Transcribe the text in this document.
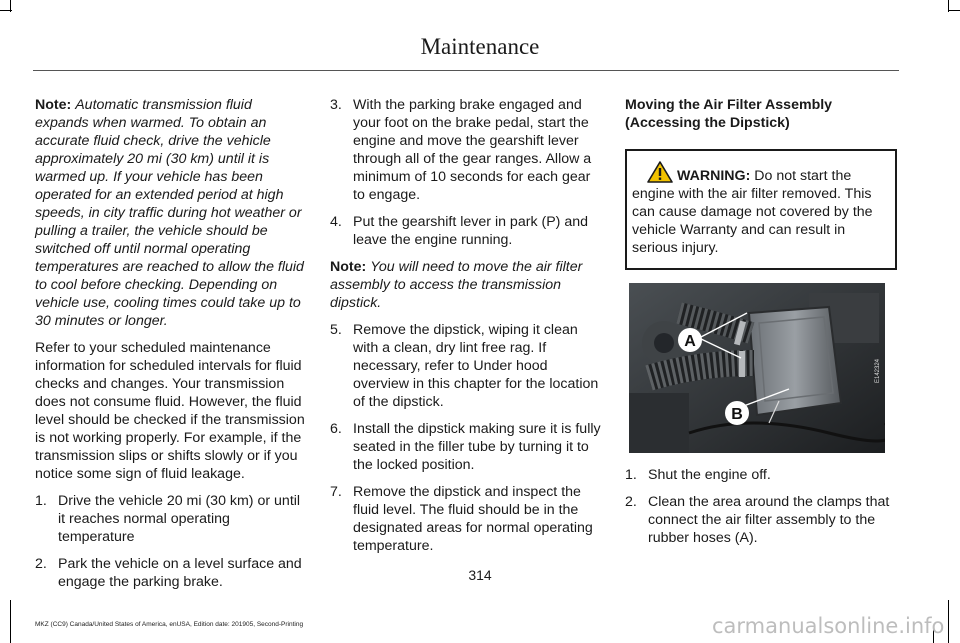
Maintenance

Note: Automatic transmission fluid expands when warmed. To obtain an accurate fluid check, drive the vehicle approximately 20 mi (30 km) until it is warmed up. If your vehicle has been operated for an extended period at high speeds, in city traffic during hot weather or pulling a trailer, the vehicle should be switched off until normal operating temperatures are reached to allow the fluid to cool before checking. Depending on vehicle use, cooling times could take up to 30 minutes or longer.

Refer to your scheduled maintenance information for scheduled intervals for fluid checks and changes. Your transmission does not consume fluid. However, the fluid level should be checked if the transmission is not working properly. For example, if the transmission slips or shifts slowly or if you notice some sign of fluid leakage.

1. Drive the vehicle 20 mi (30 km) or until it reaches normal operating temperature
2. Park the vehicle on a level surface and engage the parking brake.
3. With the parking brake engaged and your foot on the brake pedal, start the engine and move the gearshift lever through all of the gear ranges. Allow a minimum of 10 seconds for each gear to engage.
4. Put the gearshift lever in park (P) and leave the engine running.

Note: You will need to move the air filter assembly to access the transmission dipstick.

5. Remove the dipstick, wiping it clean with a clean, dry lint free rag. If necessary, refer to Under hood overview in this chapter for the location of the dipstick.
6. Install the dipstick making sure it is fully seated in the filler tube by turning it to the locked position.
7. Remove the dipstick and inspect the fluid level. The fluid should be in the designated areas for normal operating temperature.
Moving the Air Filter Assembly (Accessing the Dipstick)
WARNING: Do not start the engine with the air filter removed. This can cause damage not covered by the vehicle Warranty and can result in serious injury.
A
B
E142324
1. Shut the engine off.
2. Clean the area around the clamps that connect the air filter assembly to the rubber hoses (A).
314
MKZ (CC9) Canada/United States of America, enUSA, Edition date: 201905, Second-Printing	carmanualsonline.info
